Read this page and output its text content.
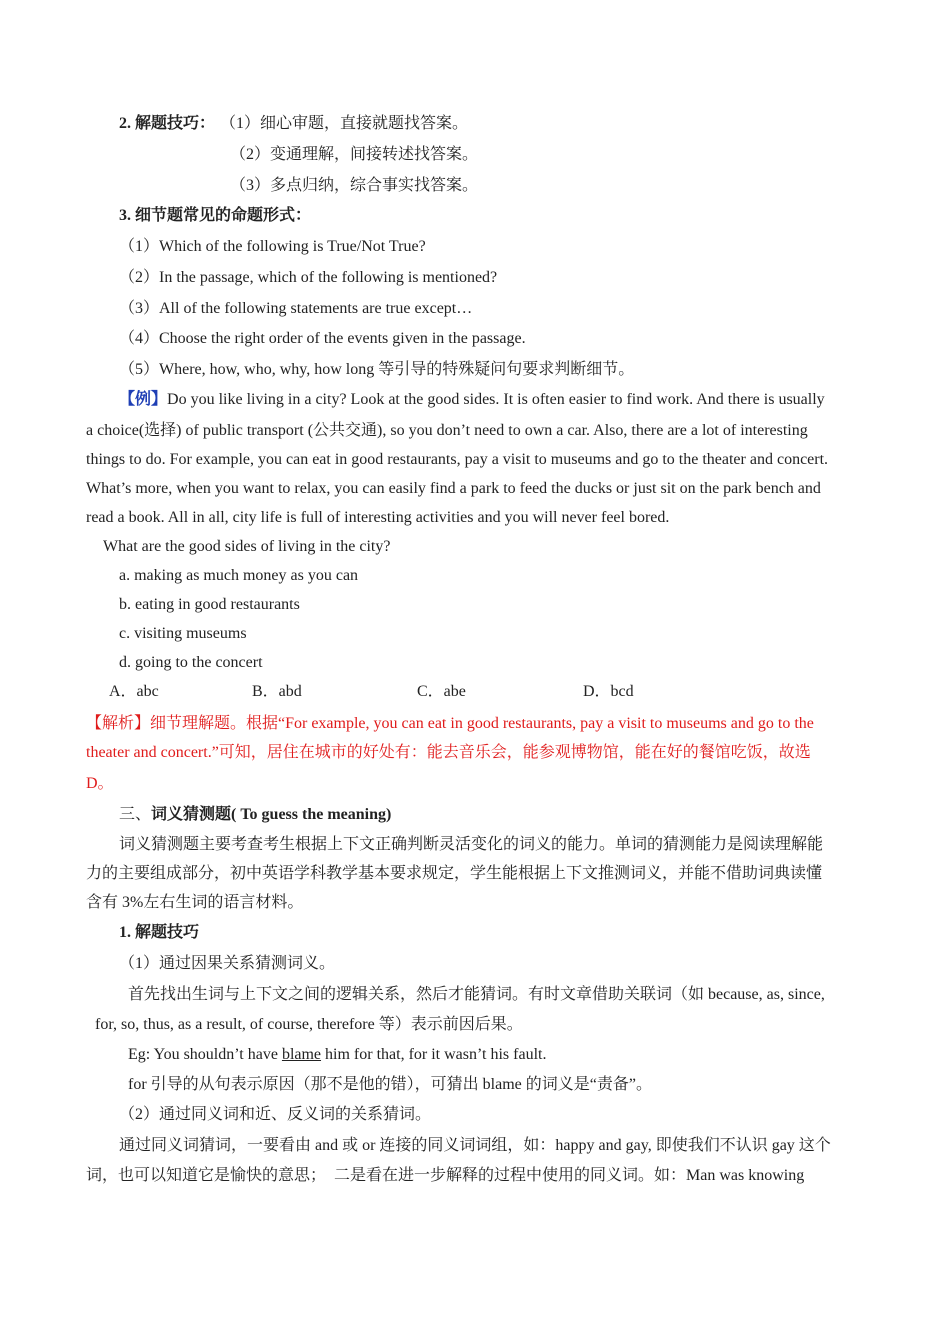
2. 解题技巧： （1）细心审题，直接就题找答案。
（2）变通理解，间接转述找答案。
（3）多点归纳，综合事实找答案。
3. 细节题常见的命题形式：
（1）Which of the following is True/Not True?
（2）In the passage, which of the following is mentioned?
（3）All of the following statements are true except…
（4）Choose the right order of the events given in the passage.
（5）Where, how, who, why, how long 等引导的特殊疑问句要求判断细节。
【例】Do you like living in a city? Look at the good sides. It is often easier to find work. And there is usually
a choice(选择) of public transport (公共交通), so you don’t need to own a car. Also, there are a lot of interesting
things to do. For example, you can eat in good restaurants, pay a visit to museums and go to the theater and concert.
What’s more, when you want to relax, you can easily find a park to feed the ducks or just sit on the park bench and
read a book. All in all, city life is full of interesting activities and you will never feel bored.
What are the good sides of living in the city?
a. making as much money as you can
b. eating in good restaurants
c. visiting museums
d. going to the concert
A．abc	B．abd	C．abe	D．bcd
【解析】细节理解题。根据“For example, you can eat in good restaurants, pay a visit to museums and go to the
theater and concert.”可知，居住在城市的好处有：能去音乐会，能参观博物馆，能在好的餐馆吃饭，故选
D。
三、词义猜测题( To guess the meaning)
词义猜测题主要考查考生根据上下文正确判断灵活变化的词义的能力。单词的猜测能力是阅读理解能
力的主要组成部分，初中英语学科教学基本要求规定，学生能根据上下文推测词义，并能不借助词典读懂
含有 3%左右生词的语言材料。
1. 解题技巧
（1）通过因果关系猜测词义。
首先找出生词与上下文之间的逻辑关系，然后才能猜词。有时文章借助关联词（如 because, as, since,
for, so, thus, as a result, of course, therefore 等）表示前因后果。
Eg: You shouldn’t have blame him for that, for it wasn’t his fault.
for 引导的从句表示原因（那不是他的错），可猜出 blame 的词义是“责备”。
（2）通过同义词和近、反义词的关系猜词。
通过同义词猜词，一要看由 and 或 or 连接的同义词词组，如：happy and gay, 即使我们不认识 gay 这个
词，也可以知道它是愉快的意思；　二是看在进一步解释的过程中使用的同义词。如：Man was knowing
